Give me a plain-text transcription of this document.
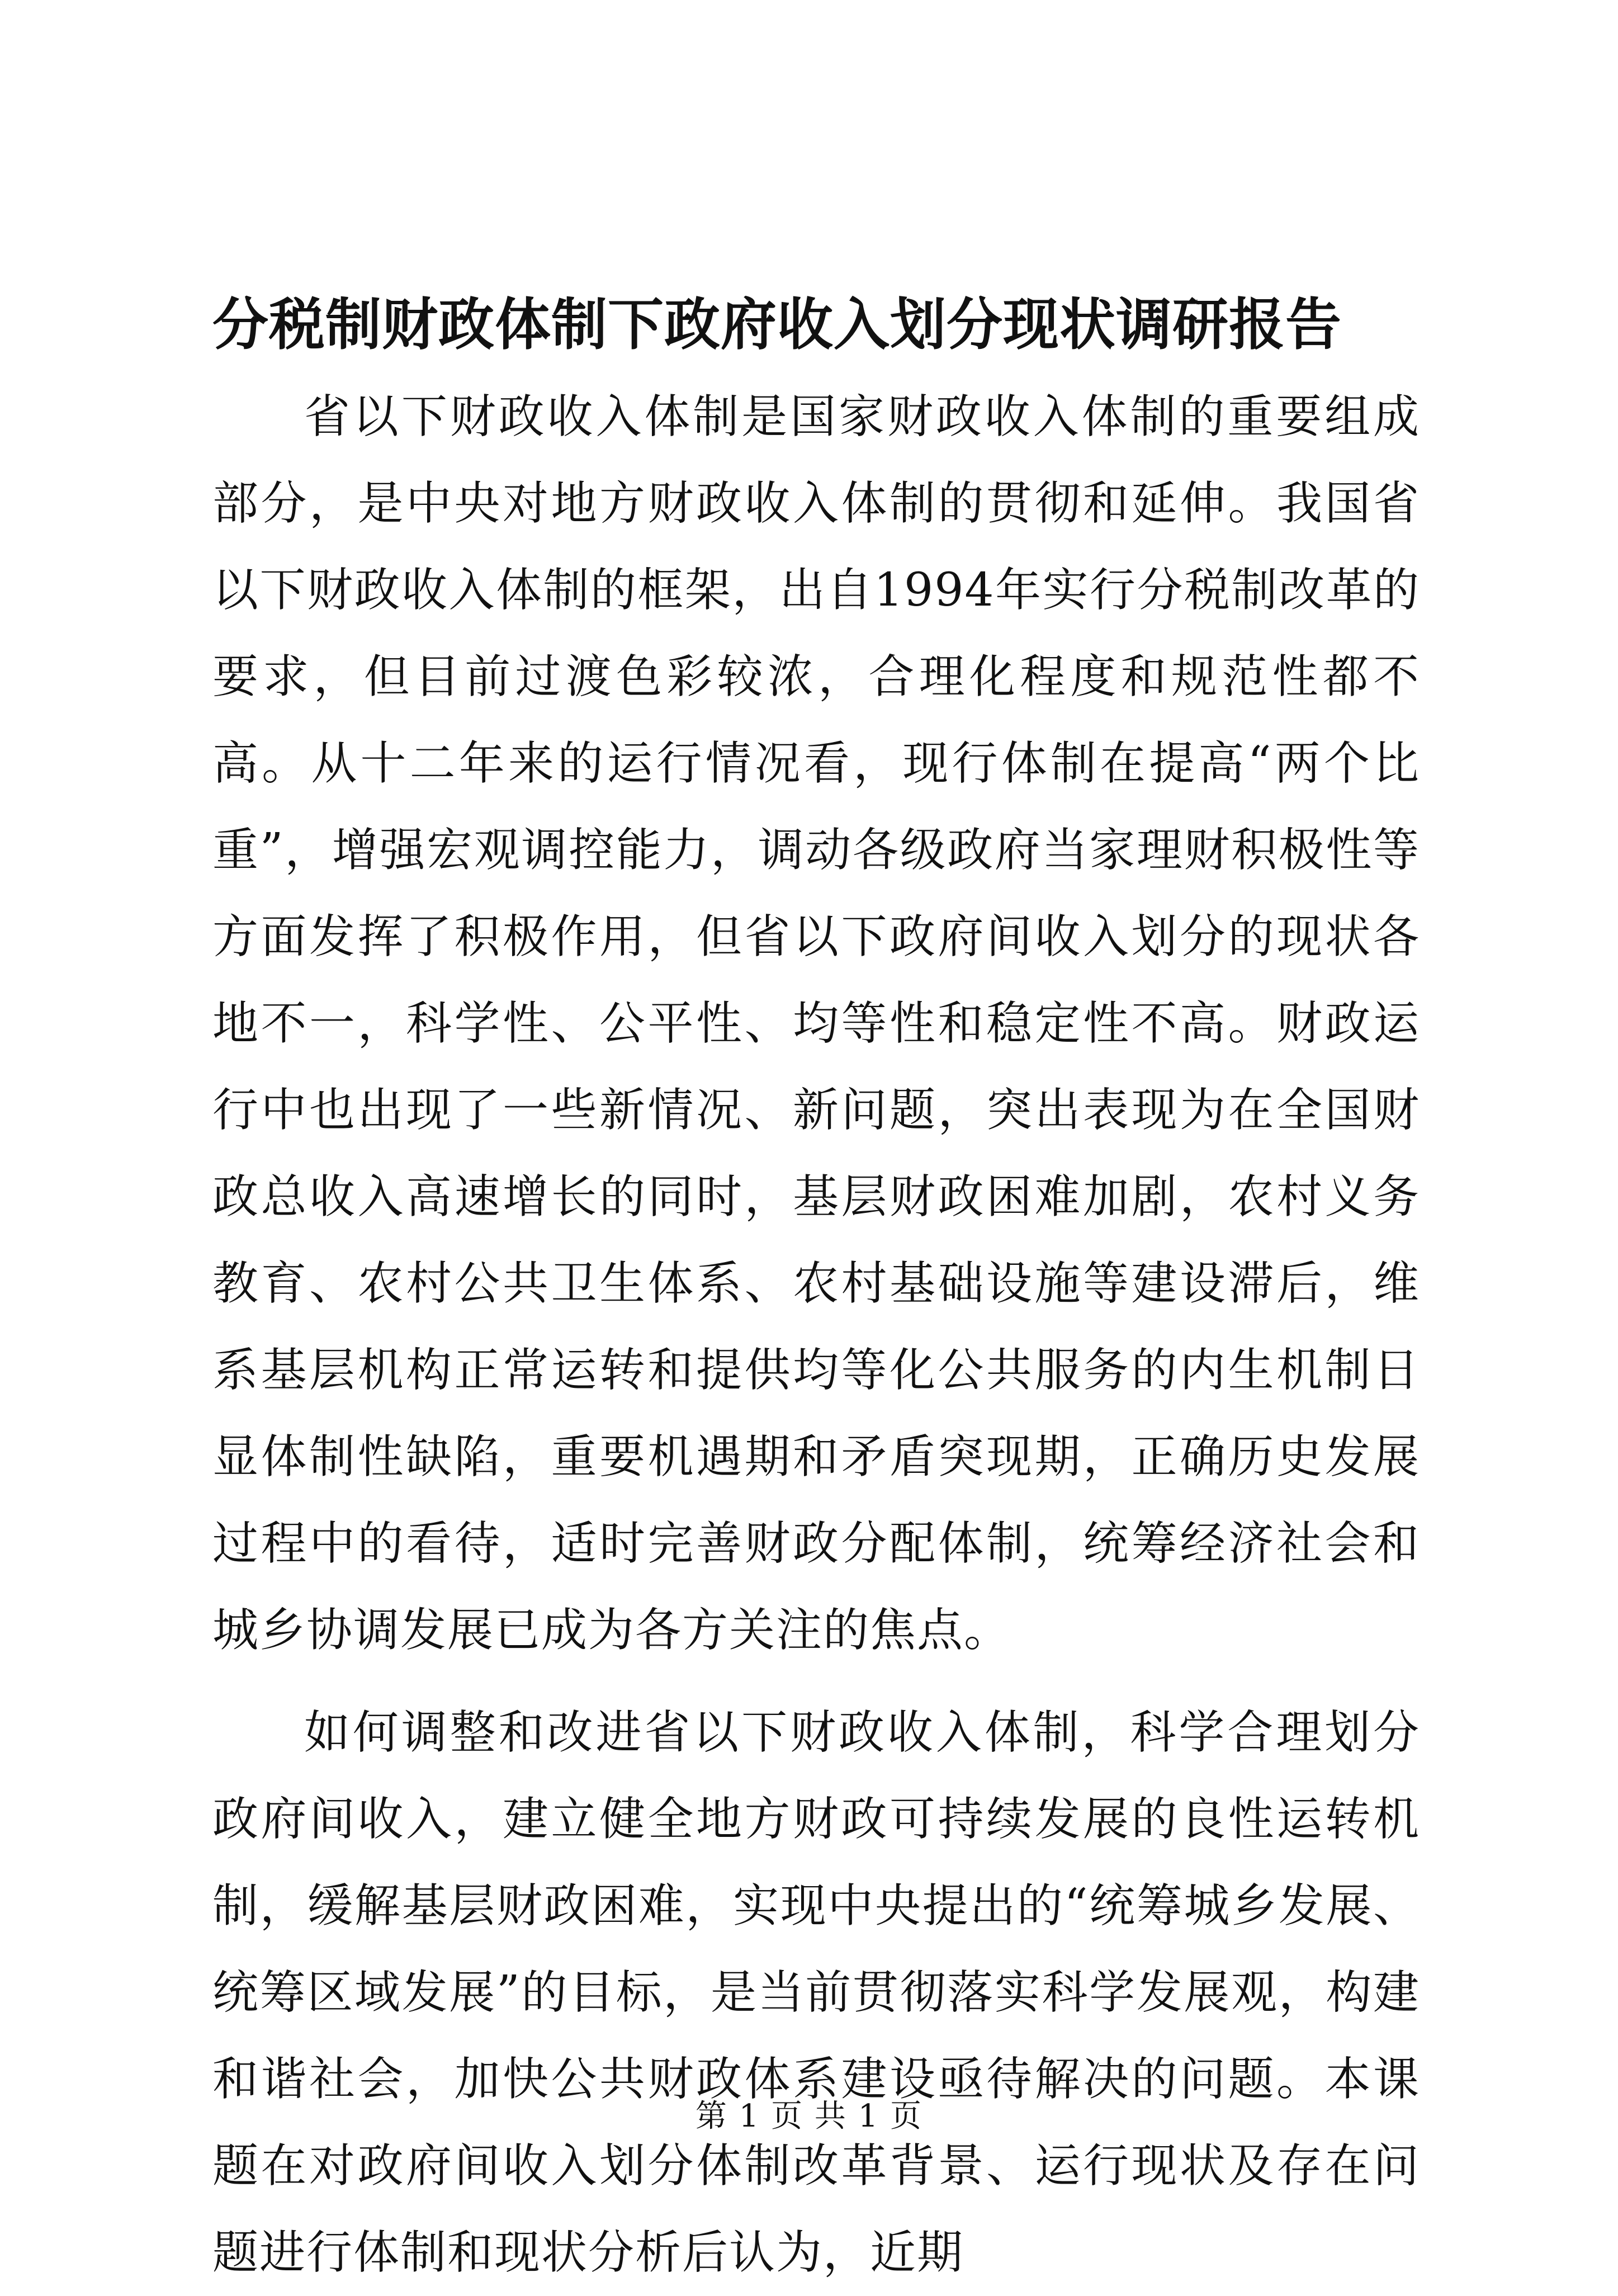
分税制财政体制下政府收入划分现状调研报告

省以下财政收入体制是国家财政收入体制的重要组成部分，是中央对地方财政收入体制的贯彻和延伸。我国省以下财政收入体制的框架，出自1994年实行分税制改革的要求，但目前过渡色彩较浓，合理化程度和规范性都不高。从十二年来的运行情况看，现行体制在提高“两个比重”，增强宏观调控能力，调动各级政府当家理财积极性等方面发挥了积极作用，但省以下政府间收入划分的现状各地不一，科学性、公平性、均等性和稳定性不高。财政运行中也出现了一些新情况、新问题，突出表现为在全国财政总收入高速增长的同时，基层财政困难加剧，农村义务教育、农村公共卫生体系、农村基础设施等建设滞后，维系基层机构正常运转和提供均等化公共服务的内生机制日显体制性缺陷，重要机遇期和矛盾突现期，正确历史发展过程中的看待，适时完善财政分配体制，统筹经济社会和城乡协调发展已成为各方关注的焦点。

如何调整和改进省以下财政收入体制，科学合理划分政府间收入，建立健全地方财政可持续发展的良性运转机制，缓解基层财政困难，实现中央提出的“统筹城乡发展、统筹区域发展”的目标，是当前贯彻落实科学发展观，构建和谐社会，加快公共财政体系建设亟待解决的问题。本课题在对政府间收入划分体制改革背景、运行现状及存在问题进行体制和现状分析后认为，近期

第 1 页 共 1 页
